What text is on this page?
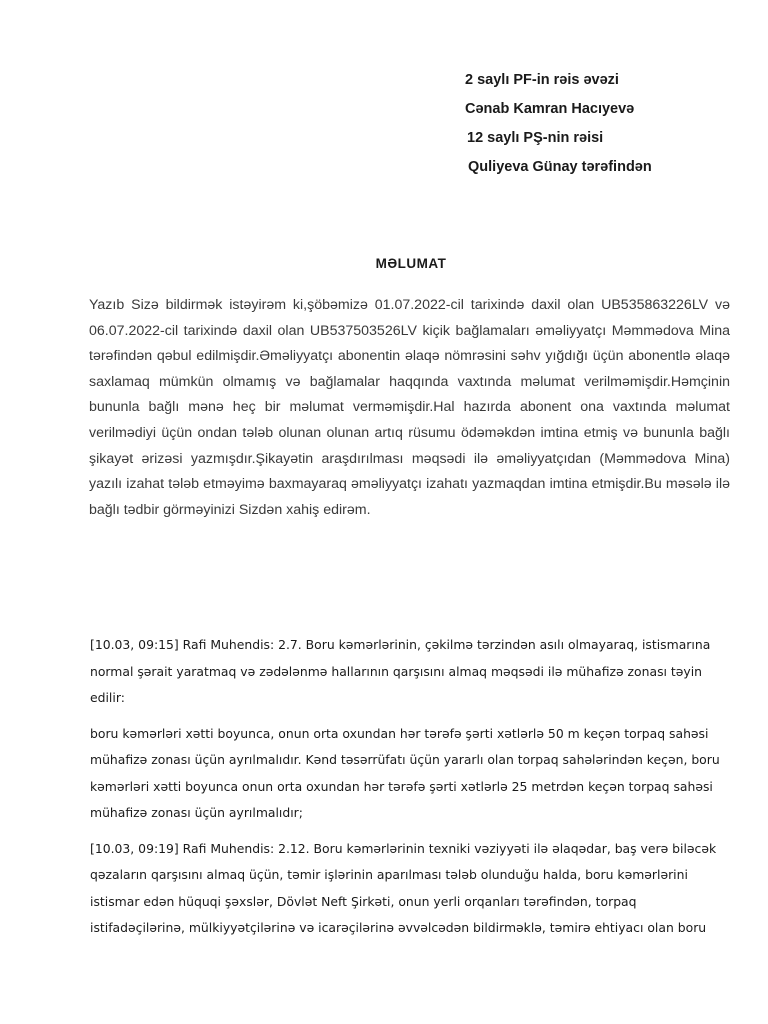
2 saylı PF-in rəis əvəzi
Cənab Kamran Hacıyevə
12 saylı PŞ-nin rəisi
Quliyeva Günay tərəfindən
MƏLUMAT

Yazıb Sizə bildirmək istəyirəm ki,şöbəmizə 01.07.2022-cil tarixində daxil olan UB535863226LV və 06.07.2022-cil tarixində daxil olan UB537503526LV kiçik bağlamaları əməliyyatçı Məmmədova Mina tərəfindən qəbul edilmişdir.Əməliyyatçı abonentin əlaqə nömrəsini səhv yığdığı üçün abonentlə əlaqə saxlamaq mümkün olmamış və bağlamalar haqqında vaxtında məlumat verilməmişdir.Həmçinin bununla bağlı mənə heç bir məlumat verməmişdir.Hal hazırda abonent ona vaxtında məlumat verilmədiyi üçün ondan tələb olunan olunan artıq rüsumu ödəməkdən imtina etmiş və bununla bağlı şikayət ərizəsi yazmışdır.Şikayətin araşdırılması məqsədi ilə əməliyyatçıdan (Məmmədova Mina) yazılı izahat tələb etməyimə baxmayaraq əməliyyatçı izahatı yazmaqdan imtina etmişdir.Bu məsələ ilə bağlı tədbir görməyinizi Sizdən xahiş edirəm.

[10.03, 09:15] Rafi Muhendis: 2.7. Boru kəmərlərinin, çəkilmə tərzindən asılı olmayaraq, istismarına normal şərait yaratmaq və zədələnmə hallarının qarşısını almaq məqsədi ilə mühafizə zonası təyin edilir:

boru kəmərləri xətti boyunca, onun orta oxundan hər tərəfə şərti xətlərlə 50 m keçən torpaq sahəsi mühafizə zonası üçün ayrılmalıdır. Kənd təsərrüfatı üçün yararlı olan torpaq sahələrindən keçən, boru kəmərləri xətti boyunca onun orta oxundan hər tərəfə şərti xətlərlə 25 metrdən keçən torpaq sahəsi mühafizə zonası üçün ayrılmalıdır;

[10.03, 09:19] Rafi Muhendis: 2.12. Boru kəmərlərinin texniki vəziyyəti ilə əlaqədar, baş verə biləcək qəzaların qarşısını almaq üçün, təmir işlərinin aparılması tələb olunduğu halda, boru kəmərlərini istismar edən hüquqi şəxslər, Dövlət Neft Şirkəti, onun yerli orqanları tərəfindən, torpaq istifadəçilərinə, mülkiyyətçilərinə və icarəçilərinə əvvəlcədən bildirməklə, təmirə ehtiyacı olan boru
